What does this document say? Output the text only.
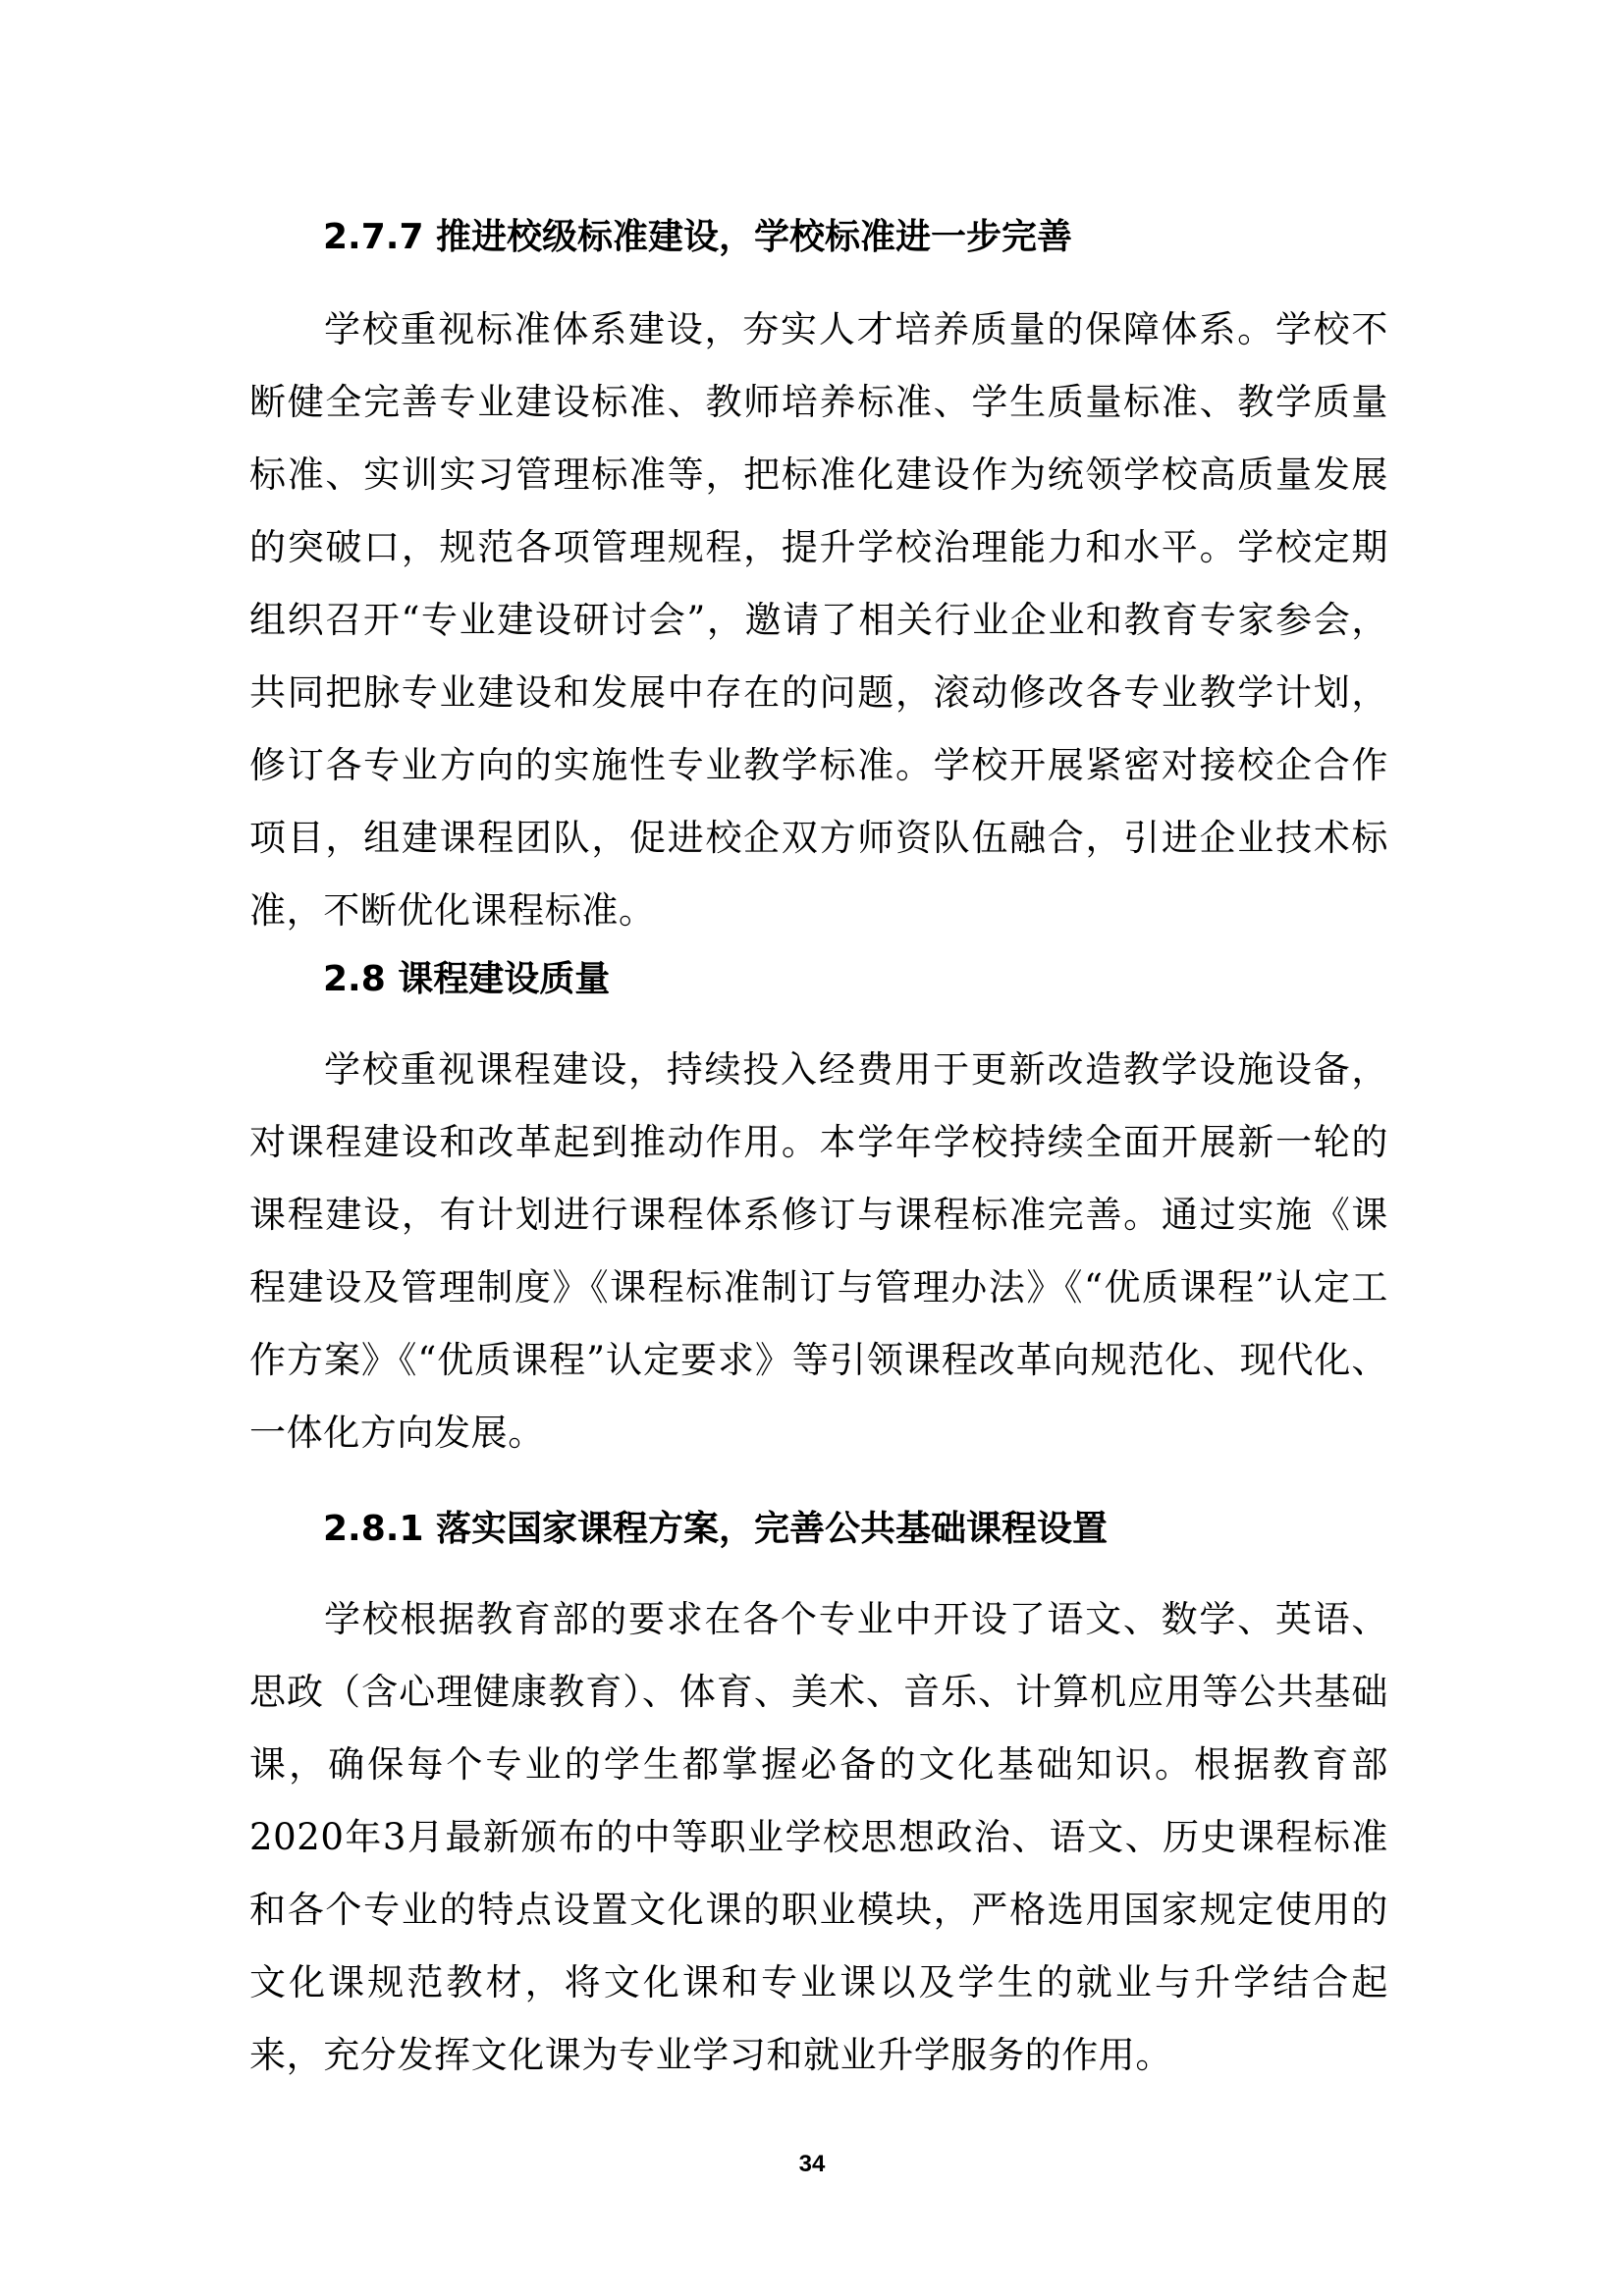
2.7.7 推进校级标准建设，学校标准进一步完善

学校重视标准体系建设，夯实人才培养质量的保障体系。学校不断健全完善专业建设标准、教师培养标准、学生质量标准、教学质量标准、实训实习管理标准等，把标准化建设作为统领学校高质量发展的突破口，规范各项管理规程，提升学校治理能力和水平。学校定期组织召开“专业建设研讨会”，邀请了相关行业企业和教育专家参会，共同把脉专业建设和发展中存在的问题，滚动修改各专业教学计划，修订各专业方向的实施性专业教学标准。学校开展紧密对接校企合作项目，组建课程团队，促进校企双方师资队伍融合，引进企业技术标准，不断优化课程标准。

2.8 课程建设质量

学校重视课程建设，持续投入经费用于更新改造教学设施设备，对课程建设和改革起到推动作用。本学年学校持续全面开展新一轮的课程建设，有计划进行课程体系修订与课程标准完善。通过实施《课程建设及管理制度》《课程标准制订与管理办法》《“优质课程”认定工作方案》《“优质课程”认定要求》等引领课程改革向规范化、现代化、一体化方向发展。

2.8.1 落实国家课程方案，完善公共基础课程设置

学校根据教育部的要求在各个专业中开设了语文、数学、英语、思政（含心理健康教育）、体育、美术、音乐、计算机应用等公共基础课，确保每个专业的学生都掌握必备的文化基础知识。根据教育部2020年3月最新颁布的中等职业学校思想政治、语文、历史课程标准和各个专业的特点设置文化课的职业模块，严格选用国家规定使用的文化课规范教材，将文化课和专业课以及学生的就业与升学结合起来，充分发挥文化课为专业学习和就业升学服务的作用。

34
